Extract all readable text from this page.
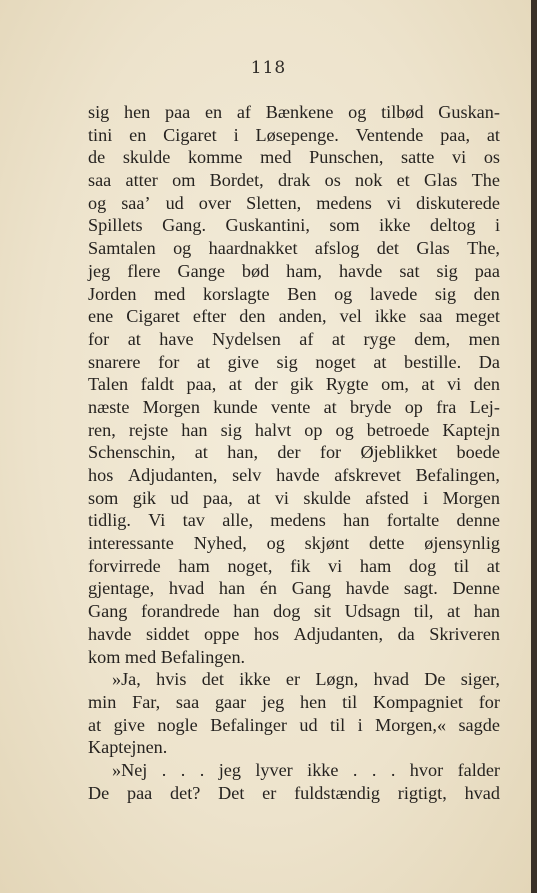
118
sig hen paa en af Bænkene og tilbød Guskan-
tini en Cigaret i Løsepenge. Ventende paa, at
de skulde komme med Punschen, satte vi os
saa atter om Bordet, drak os nok et Glas The
og saa’ ud over Sletten, medens vi diskuterede
Spillets Gang. Guskantini, som ikke deltog i
Samtalen og haardnakket afslog det Glas The,
jeg flere Gange bød ham, havde sat sig paa
Jorden med korslagte Ben og lavede sig den
ene Cigaret efter den anden, vel ikke saa meget
for at have Nydelsen af at ryge dem, men
snarere for at give sig noget at bestille. Da
Talen faldt paa, at der gik Rygte om, at vi den
næste Morgen kunde vente at bryde op fra Lej-
ren, rejste han sig halvt op og betroede Kaptejn
Schenschin, at han, der for Øjeblikket boede
hos Adjudanten, selv havde afskrevet Befalingen,
som gik ud paa, at vi skulde afsted i Morgen
tidlig. Vi tav alle, medens han fortalte denne
interessante Nyhed, og skjønt dette øjensynlig
forvirrede ham noget, fik vi ham dog til at
gjentage, hvad han én Gang havde sagt. Denne
Gang forandrede han dog sit Udsagn til, at han
havde siddet oppe hos Adjudanten, da Skriveren
kom med Befalingen.
»Ja, hvis det ikke er Løgn, hvad De siger,
min Far, saa gaar jeg hen til Kompagniet for
at give nogle Befalinger ud til i Morgen,« sagde
Kaptejnen.
»Nej . . . jeg lyver ikke . . . hvor falder
De paa det? Det er fuldstændig rigtigt, hvad
